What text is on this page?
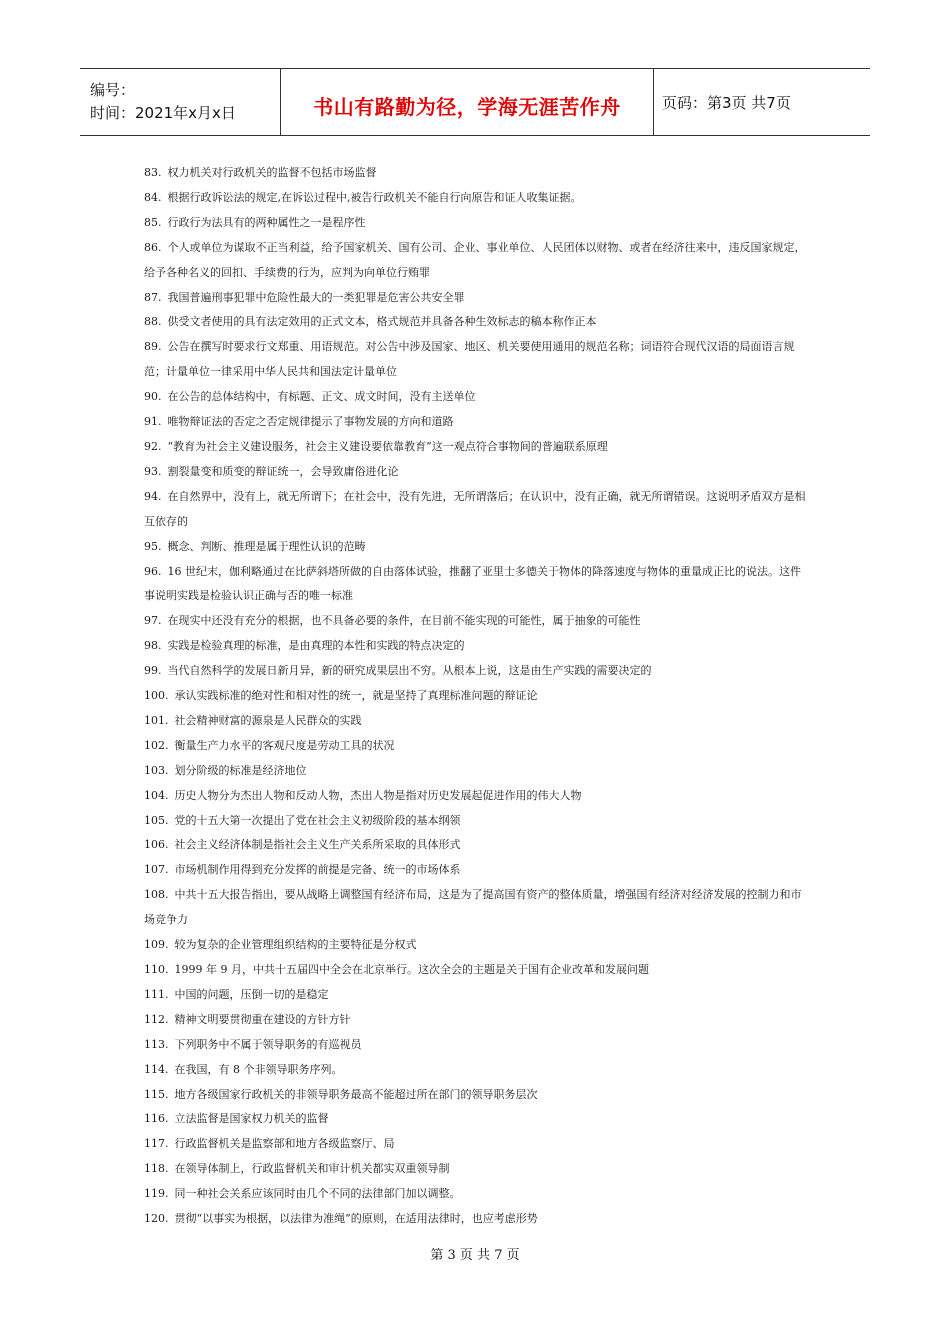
编号：
时间：2021年x月x日	书山有路勤为径，学海无涯苦作舟	页码：第3页 共7页

83. 权力机关对行政机关的监督不包括市场监督

84. 根据行政诉讼法的规定,在诉讼过程中,被告行政机关不能自行向原告和证人收集证据。

85. 行政行为法具有的两种属性之一是程序性

86. 个人或单位为谋取不正当利益，给予国家机关、国有公司、企业、事业单位、人民团体以财物、或者在经济往来中，违反国家规定，给予各种名义的回扣、手续费的行为，应判为向单位行贿罪

87. 我国普遍刑事犯罪中危险性最大的一类犯罪是危害公共安全罪

88. 供受文者使用的具有法定效用的正式文本，格式规范并具备各种生效标志的稿本称作正本

89. 公告在撰写时要求行文郑重、用语规范。对公告中涉及国家、地区、机关要使用通用的规范名称；词语符合现代汉语的局面语言规范；计量单位一律采用中华人民共和国法定计量单位

90. 在公告的总体结构中，有标题、正文、成文时间，没有主送单位

91. 唯物辩证法的否定之否定规律提示了事物发展的方向和道路

92. “教育为社会主义建设服务，社会主义建设要依靠教育”这一观点符合事物间的普遍联系原理

93. 割裂量变和质变的辩证统一，会导致庸俗进化论

94. 在自然界中，没有上，就无所谓下；在社会中，没有先进，无所谓落后；在认识中，没有正确，就无所谓错误。这说明矛盾双方是相互依存的

95. 概念、判断、推理是属于理性认识的范畴

96. 16 世纪末，伽利略通过在比萨斜塔所做的自由落体试验，推翻了亚里士多德关于物体的降落速度与物体的重量成正比的说法。这件事说明实践是检验认识正确与否的唯一标准

97. 在现实中还没有充分的根据，也不具备必要的条件，在目前不能实现的可能性，属于抽象的可能性

98. 实践是检验真理的标准，是由真理的本性和实践的特点决定的

99. 当代自然科学的发展日新月异，新的研究成果层出不穷。从根本上说，这是由生产实践的需要决定的

100. 承认实践标准的绝对性和相对性的统一，就是坚持了真理标准问题的辩证论

101. 社会精神财富的源泉是人民群众的实践

102. 衡量生产力水平的客观尺度是劳动工具的状况

103. 划分阶级的标准是经济地位

104. 历史人物分为杰出人物和反动人物，杰出人物是指对历史发展起促进作用的伟大人物

105. 党的十五大第一次提出了党在社会主义初级阶段的基本纲领

106. 社会主义经济体制是指社会主义生产关系所采取的具体形式

107. 市场机制作用得到充分发挥的前提是完备、统一的市场体系

108. 中共十五大报告指出，要从战略上调整国有经济布局，这是为了提高国有资产的整体质量，增强国有经济对经济发展的控制力和市场竞争力

109. 较为复杂的企业管理组织结构的主要特征是分权式

110. 1999 年 9 月，中共十五届四中全会在北京举行。这次全会的主题是关于国有企业改革和发展问题

111. 中国的问题，压倒一切的是稳定

112. 精神文明要贯彻重在建设的方针方针

113. 下列职务中不属于领导职务的有巡视员

114. 在我国，有 8 个非领导职务序列。

115. 地方各级国家行政机关的非领导职务最高不能超过所在部门的领导职务层次

116. 立法监督是国家权力机关的监督

117. 行政监督机关是监察部和地方各级监察厅、局

118. 在领导体制上，行政监督机关和审计机关都实双重领导制

119. 同一种社会关系应该同时由几个不同的法律部门加以调整。

120. 贯彻“以事实为根据，以法律为准绳”的原则，在适用法律时，也应考虑形势

第 3 页 共 7 页
